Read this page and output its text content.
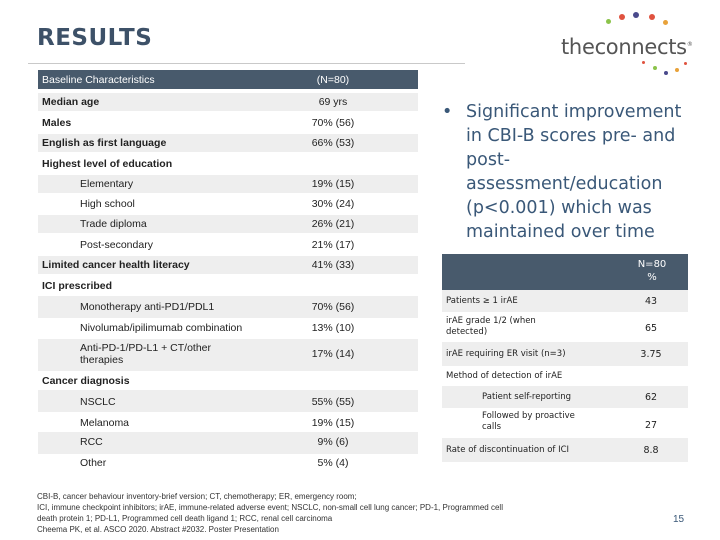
RESULTS	theconnects®
Baseline Characteristics	(N=80)
Median age	69 yrs
Males	70% (56)
English as first language	66% (53)
Highest level of education
Elementary	19% (15)
High school	30% (24)
Trade diploma	26% (21)
Post-secondary	21% (17)
Limited cancer health literacy	41% (33)
ICI prescribed
Monotherapy anti-PD1/PDL1	70% (56)
Nivolumab/ipilimumab combination	13% (10)
Anti-PD-1/PD-L1 + CT/other therapies	17% (14)
Cancer diagnosis
NSCLC	55% (55)
Melanoma	19% (15)
RCC	9% (6)
Other	5% (4)
• Significant improvement in CBI-B scores pre- and post-assessment/education (p<0.001) which was maintained over time
N=80
%
Patients ≥ 1 irAE	43
irAE grade 1/2 (when detected)	65
irAE requiring ER visit (n=3)	3.75
Method of detection of irAE
Patient self-reporting	62
Followed by proactive calls	27
Rate of discontinuation of ICI	8.8
CBI-B, cancer behaviour inventory-brief version; CT, chemotherapy; ER, emergency room;
ICI, immune checkpoint inhibitors; irAE, immune-related adverse event; NSCLC, non-small cell lung cancer; PD-1, Programmed cell
death protein 1; PD-L1, Programmed cell death ligand 1; RCC, renal cell carcinoma
Cheema PK, et al. ASCO 2020. Abstract #2032. Poster Presentation
15
